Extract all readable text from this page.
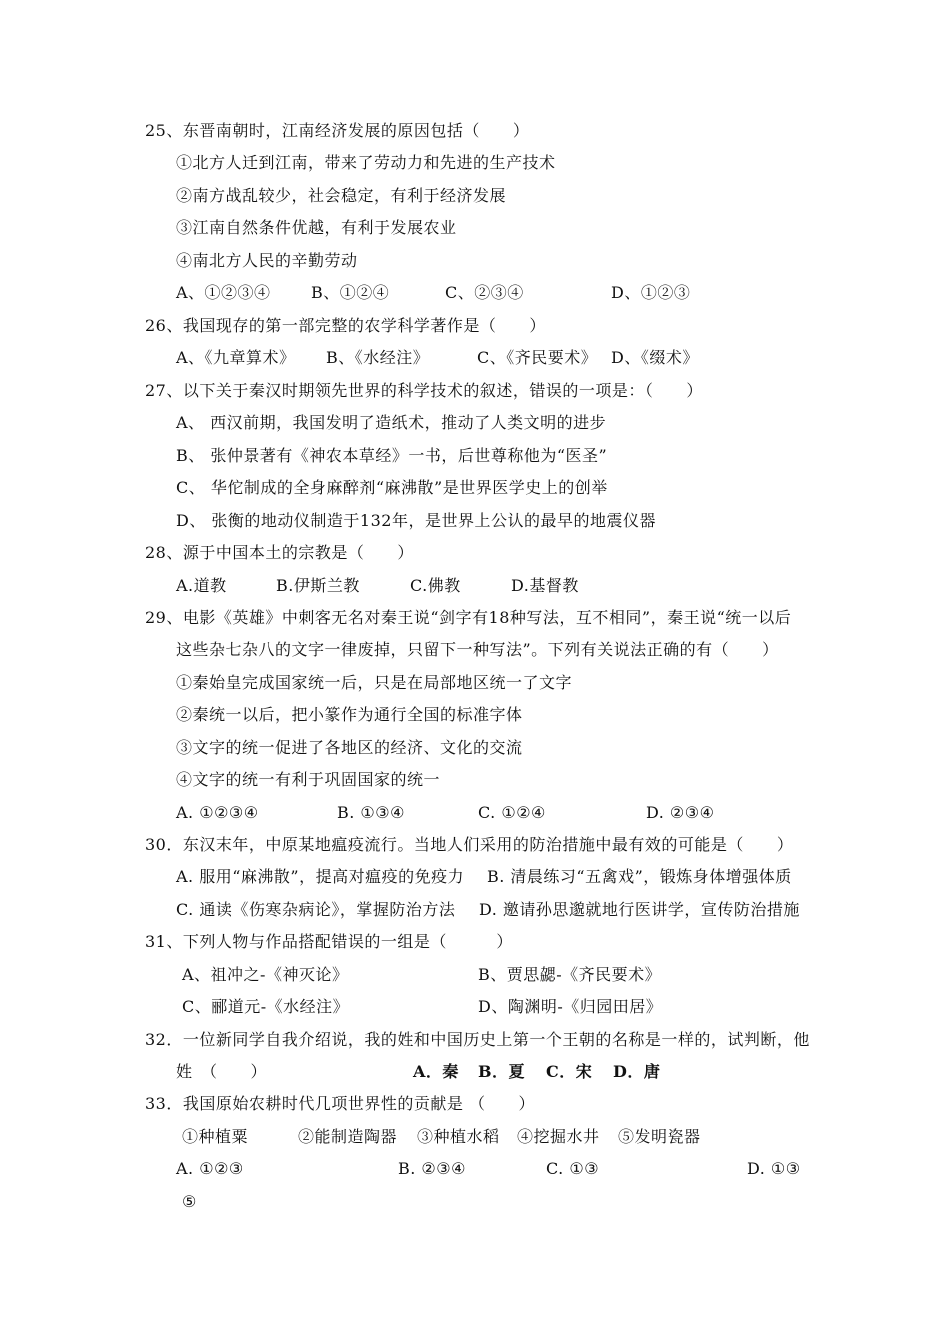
25、东晋南朝时，江南经济发展的原因包括（　　）
①北方人迁到江南，带来了劳动力和先进的生产技术
②南方战乱较少，社会稳定，有利于经济发展
③江南自然条件优越，有利于发展农业
④南北方人民的辛勤劳动
A、①②③④	B、①②④	C、②③④	D、①②③
26、我国现存的第一部完整的农学科学著作是（　　）
A、《九章算术》 B、《水经注》	C、《齐民要术》 D、《缀术》
27、以下关于秦汉时期领先世界的科学技术的叙述，错误的一项是：（　　）
A、 西汉前期，我国发明了造纸术，推动了人类文明的进步
B、 张仲景著有《神农本草经》一书，后世尊称他为“医圣”
C、 华佗制成的全身麻醉剂“麻沸散”是世界医学史上的创举
D、 张衡的地动仪制造于132年，是世界上公认的最早的地震仪器
28、源于中国本土的宗教是（　　）
A.道教	B.伊斯兰教	C.佛教	D.基督教
29、电影《英雄》中刺客无名对秦王说“剑字有18种写法，互不相同”，秦王说“统一以后
这些杂七杂八的文字一律废掉，只留下一种写法”。下列有关说法正确的有（　　）
①秦始皇完成国家统一后，只是在局部地区统一了文字
②秦统一以后，把小篆作为通行全国的标准字体
③文字的统一促进了各地区的经济、文化的交流
④文字的统一有利于巩固国家的统一
A. ①②③④	B. ①③④	C. ①②④	D. ②③④
30．东汉末年，中原某地瘟疫流行。当地人们采用的防治措施中最有效的可能是（　　）
A. 服用“麻沸散”，提高对瘟疫的免疫力 B. 清晨练习“五禽戏”，锻炼身体增强体质
C. 通读《伤寒杂病论》，掌握防治方法 D. 邀请孙思邈就地行医讲学，宣传防治措施
31、下列人物与作品搭配错误的一组是（　　　）
A、祖冲之-《神灭论》	B、贾思勰-《齐民要术》
C、郦道元-《水经注》	D、陶渊明-《归园田居》
32．一位新同学自我介绍说，我的姓和中国历史上第一个王朝的名称是一样的，试判断，他
姓　（　　）	A．秦 B．夏 C．宋 D．唐
33．我国原始农耕时代几项世界性的贡献是 （　　）
①种植粟	②能制造陶器 ③种植水稻 ④挖掘水井 ⑤发明瓷器
A. ①②③	B. ②③④	C. ①③	D. ①③
⑤
